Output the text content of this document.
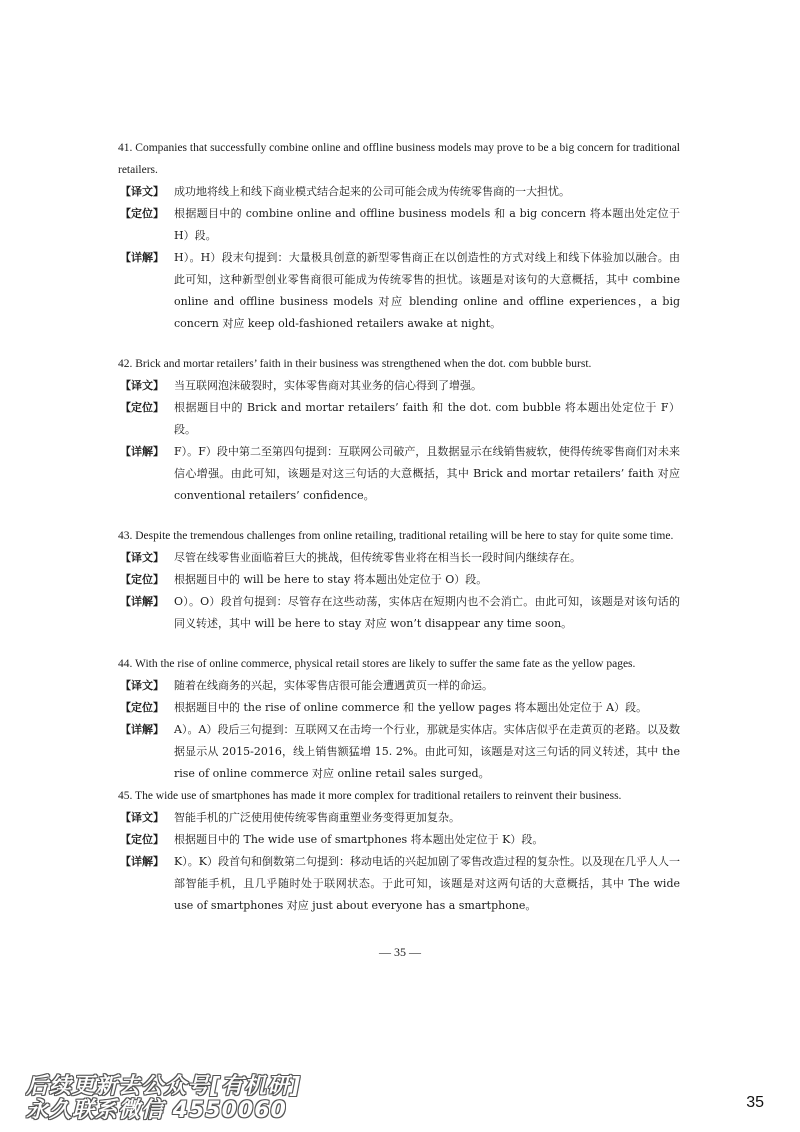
41. Companies that successfully combine online and offline business models may prove to be a big concern for traditional retailers.

【译文】 成功地将线上和线下商业模式结合起来的公司可能会成为传统零售商的一大担忧。
【定位】 根据题目中的 combine online and offline business models 和 a big concern 将本题出处定位于 H）段。
【详解】 H）。H）段末句提到：大量极具创意的新型零售商正在以创造性的方式对线上和线下体验加以融合。由此可知，这种新型创业零售商很可能成为传统零售的担忧。该题是对该句的大意概括，其中 combine online and offline business models 对应 blending online and offline experiences，a big concern 对应 keep old-fashioned retailers awake at night。

42. Brick and mortar retailers’ faith in their business was strengthened when the dot. com bubble burst.

【译文】 当互联网泡沫破裂时，实体零售商对其业务的信心得到了增强。
【定位】 根据题目中的 Brick and mortar retailers’ faith 和 the dot. com bubble 将本题出处定位于 F）段。
【详解】 F）。F）段中第二至第四句提到：互联网公司破产，且数据显示在线销售疲软，使得传统零售商们对未来信心增强。由此可知，该题是对这三句话的大意概括，其中 Brick and mortar retailers’ faith 对应 conventional retailers’ confidence。

43. Despite the tremendous challenges from online retailing, traditional retailing will be here to stay for quite some time.

【译文】 尽管在线零售业面临着巨大的挑战，但传统零售业将在相当长一段时间内继续存在。
【定位】 根据题目中的 will be here to stay 将本题出处定位于 O）段。
【详解】 O）。O）段首句提到：尽管存在这些动荡，实体店在短期内也不会消亡。由此可知，该题是对该句话的同义转述，其中 will be here to stay 对应 won’t disappear any time soon。

44. With the rise of online commerce, physical retail stores are likely to suffer the same fate as the yellow pages.

【译文】 随着在线商务的兴起，实体零售店很可能会遭遇黄页一样的命运。
【定位】 根据题目中的 the rise of online commerce 和 the yellow pages 将本题出处定位于 A）段。
【详解】 A）。A）段后三句提到：互联网又在击垮一个行业，那就是实体店。实体店似乎在走黄页的老路。以及数据显示从 2015-2016，线上销售额猛增 15. 2%。由此可知，该题是对这三句话的同义转述，其中 the rise of online commerce 对应 online retail sales surged。

45. The wide use of smartphones has made it more complex for traditional retailers to reinvent their business.

【译文】 智能手机的广泛使用使传统零售商重塑业务变得更加复杂。
【定位】 根据题目中的 The wide use of smartphones 将本题出处定位于 K）段。
【详解】 K）。K）段首句和倒数第二句提到：移动电话的兴起加剧了零售改造过程的复杂性。以及现在几乎人人一部智能手机，且几乎随时处于联网状态。于此可知，该题是对这两句话的大意概括，其中 The wide use of smartphones 对应 just about everyone has a smartphone。
— 35 —
后续更新去公众号[有机研]
永久联系微信 4550060	35
